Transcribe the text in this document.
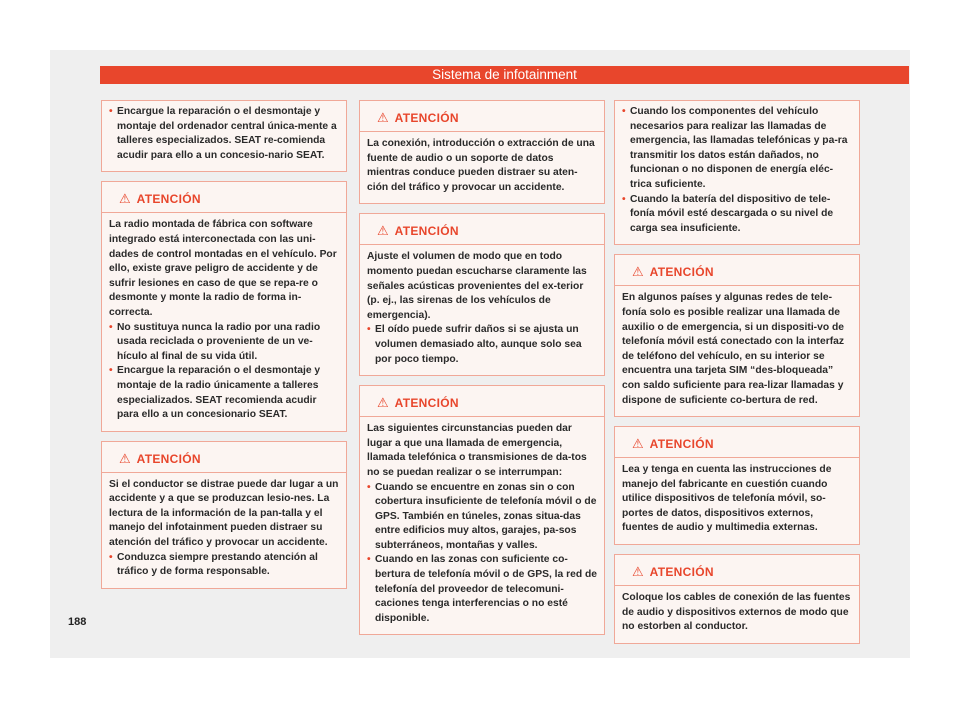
Sistema de infotainment
• Encargue la reparación o el desmontaje y montaje del ordenador central única-mente a talleres especializados. SEAT re-comienda acudir para ello a un concesio-nario SEAT.
⚠ ATENCIÓN
La radio montada de fábrica con software integrado está interconectada con las uni-dades de control montadas en el vehículo. Por ello, existe grave peligro de accidente y de sufrir lesiones en caso de que se repa-re o desmonte y monte la radio de forma in-correcta.
• No sustituya nunca la radio por una radio usada reciclada o proveniente de un ve-hículo al final de su vida útil.
• Encargue la reparación o el desmontaje y montaje de la radio únicamente a talleres especializados. SEAT recomienda acudir para ello a un concesionario SEAT.
⚠ ATENCIÓN
Si el conductor se distrae puede dar lugar a un accidente y a que se produzcan lesio-nes. La lectura de la información de la pan-talla y el manejo del infotainment pueden distraer su atención del tráfico y provocar un accidente.
• Conduzca siempre prestando atención al tráfico y de forma responsable.
⚠ ATENCIÓN
La conexión, introducción o extracción de una fuente de audio o un soporte de datos mientras conduce pueden distraer su aten-ción del tráfico y provocar un accidente.
⚠ ATENCIÓN
Ajuste el volumen de modo que en todo momento puedan escucharse claramente las señales acústicas provenientes del ex-terior (p. ej., las sirenas de los vehículos de emergencia).
• El oído puede sufrir daños si se ajusta un volumen demasiado alto, aunque solo sea por poco tiempo.
⚠ ATENCIÓN
Las siguientes circunstancias pueden dar lugar a que una llamada de emergencia, llamada telefónica o transmisiones de da-tos no se puedan realizar o se interrumpan:
• Cuando se encuentre en zonas sin o con cobertura insuficiente de telefonía móvil o de GPS. También en túneles, zonas situa-das entre edificios muy altos, garajes, pa-sos subterráneos, montañas y valles.
• Cuando en las zonas con suficiente co-bertura de telefonía móvil o de GPS, la red de telefonía del proveedor de telecomuni-caciones tenga interferencias o no esté disponible.
• Cuando los componentes del vehículo necesarios para realizar las llamadas de emergencia, las llamadas telefónicas y pa-ra transmitir los datos están dañados, no funcionan o no disponen de energía eléc-trica suficiente.
• Cuando la batería del dispositivo de tele-fonía móvil esté descargada o su nivel de carga sea insuficiente.
⚠ ATENCIÓN
En algunos países y algunas redes de tele-fonía solo es posible realizar una llamada de auxilio o de emergencia, si un dispositi-vo de telefonía móvil está conectado con la interfaz de teléfono del vehículo, en su interior se encuentra una tarjeta SIM “des-bloqueada” con saldo suficiente para rea-lizar llamadas y dispone de suficiente co-bertura de red.
⚠ ATENCIÓN
Lea y tenga en cuenta las instrucciones de manejo del fabricante en cuestión cuando utilice dispositivos de telefonía móvil, so-portes de datos, dispositivos externos, fuentes de audio y multimedia externas.
⚠ ATENCIÓN
Coloque los cables de conexión de las fuentes de audio y dispositivos externos de modo que no estorben al conductor.
188
